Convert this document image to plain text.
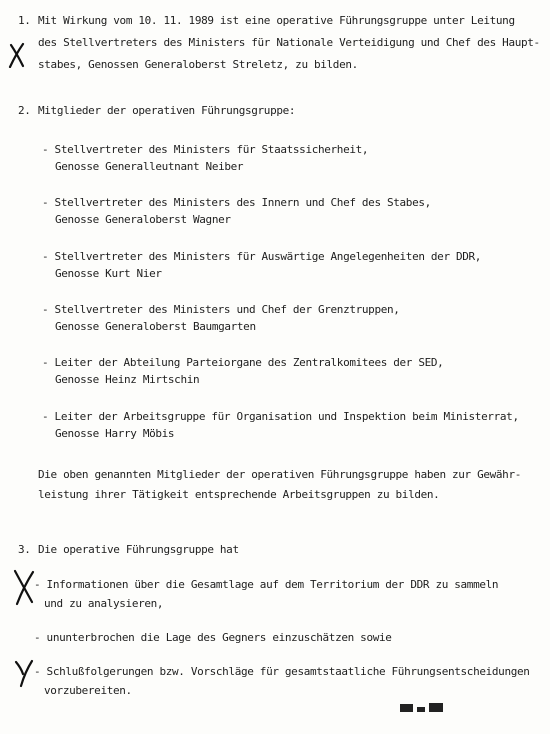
1. Mit Wirkung vom 10. 11. 1989 ist eine operative Führungsgruppe unter Leitung
des Stellvertreters des Ministers für Nationale Verteidigung und Chef des Haupt-
stabes, Genossen Generaloberst Streletz, zu bilden.
2. Mitglieder der operativen Führungsgruppe:
- Stellvertreter des Ministers für Staatssicherheit,
Genosse Generalleutnant Neiber
- Stellvertreter des Ministers des Innern und Chef des Stabes,
Genosse Generaloberst Wagner
- Stellvertreter des Ministers für Auswärtige Angelegenheiten der DDR,
Genosse Kurt Nier
- Stellvertreter des Ministers und Chef der Grenztruppen,
Genosse Generaloberst Baumgarten
- Leiter der Abteilung Parteiorgane des Zentralkomitees der SED,
Genosse Heinz Mirtschin
- Leiter der Arbeitsgruppe für Organisation und Inspektion beim Ministerrat,
Genosse Harry Möbis
Die oben genannten Mitglieder der operativen Führungsgruppe haben zur Gewähr-
leistung ihrer Tätigkeit entsprechende Arbeitsgruppen zu bilden.
3. Die operative Führungsgruppe hat
- Informationen über die Gesamtlage auf dem Territorium der DDR zu sammeln
und zu analysieren,
- ununterbrochen die Lage des Gegners einzuschätzen sowie
- Schlußfolgerungen bzw. Vorschläge für gesamtstaatliche Führungsentscheidungen
vorzubereiten.
